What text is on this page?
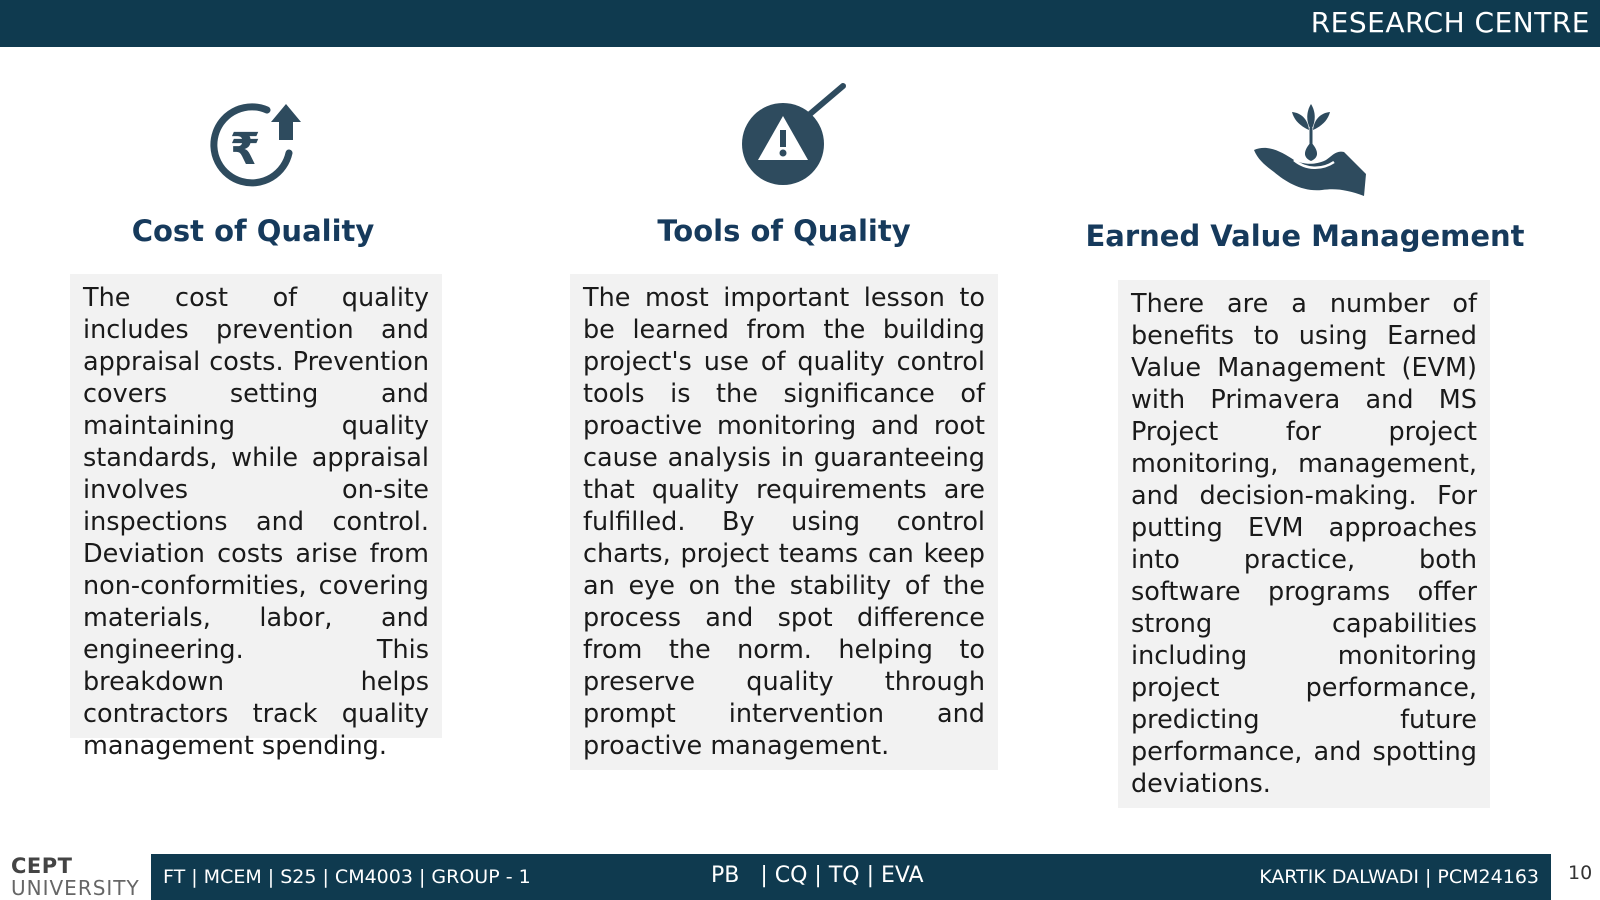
RESEARCH CENTRE
₹
Cost of Quality	Tools of Quality	Earned Value Management

The cost of quality includes prevention and appraisal costs. Prevention covers setting and maintaining quality standards, while appraisal involves on-site inspections and control. Deviation costs arise from non-conformities, covering materials, labor, and engineering. This breakdown helps contractors track quality management spending.

The most important lesson to be learned from the building project's use of quality control tools is the significance of proactive monitoring and root cause analysis in guaranteeing that quality requirements are fulfilled. By using control charts, project teams can keep an eye on the stability of the process and spot difference from the norm. helping to preserve quality through prompt intervention and proactive management.

There are a number of benefits to using Earned Value Management (EVM) with Primavera and MS Project for project monitoring, management, and decision-making. For putting EVM approaches into practice, both software programs offer strong capabilities including monitoring project performance, predicting future performance, and spotting deviations.

CEPT
UNIVERSITY FT | MCEM | S25 | CM4003 | GROUP - 1	PB   | CQ | TQ | EVA	KARTIK DALWADI | PCM24163 10
